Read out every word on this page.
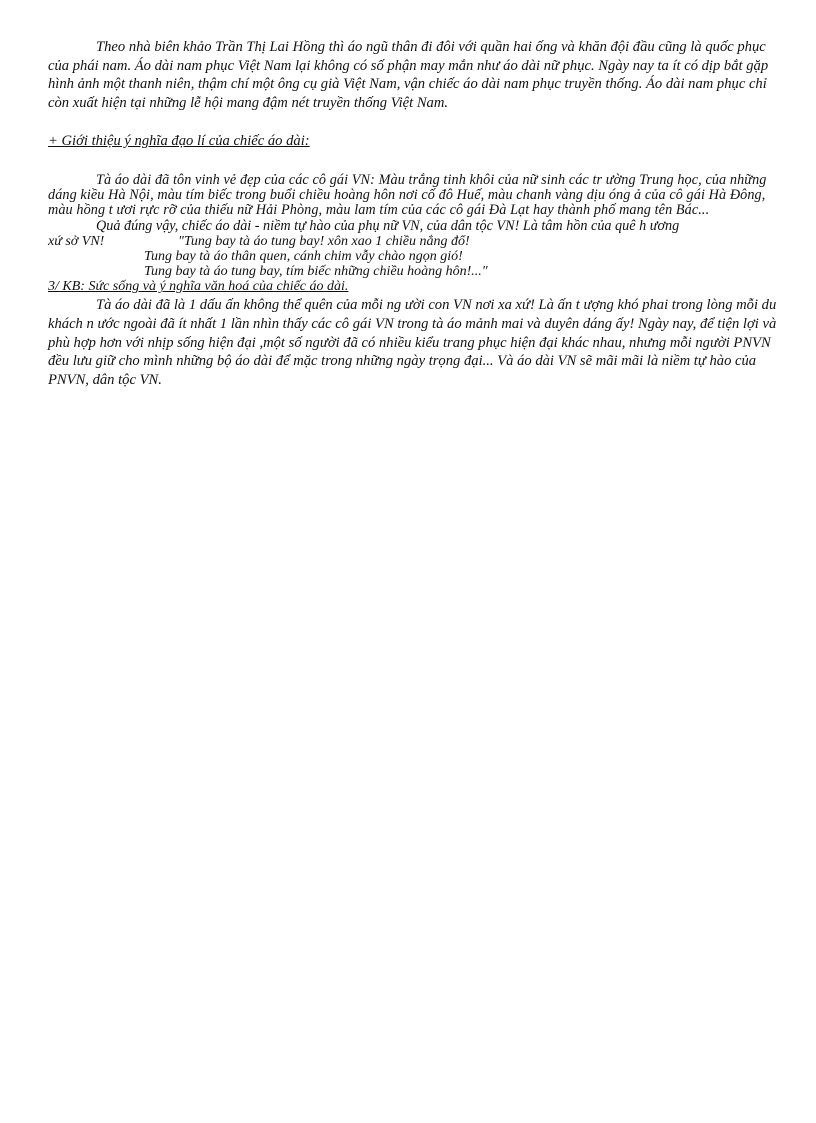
Theo nhà biên khảo Trần Thị Lai Hồng thì áo ngũ thân đi đôi với quần hai ống và khăn đội đầu cũng là quốc phục của phái nam. Áo dài nam phục Việt Nam lại không có số phận may mắn như áo dài nữ phục. Ngày nay ta ít có dịp bắt gặp hình ảnh một thanh niên, thậm chí một ông cụ già Việt Nam, vận chiếc áo dài nam phục truyền thống. Áo dài nam phục chỉ còn xuất hiện tại những lễ hội mang đậm nét truyền thống Việt Nam.

+ Giới thiệu ý nghĩa đạo lí của chiếc áo dài:

Tà áo dài đã tôn vinh vẻ đẹp của các cô gái VN: Màu trắng tinh khôi của nữ sinh các tr ường Trung học, của những dáng kiều Hà Nội, màu tím biếc trong buổi chiều hoàng hôn nơi cố đô Huế, màu chanh vàng dịu óng ả của cô gái Hà Đông, màu hồng t ươi rực rỡ của thiếu nữ Hải Phòng, màu lam tím của các cô gái Đà Lạt hay thành phố mang tên Bác...

Quả đúng vậy, chiếc áo dài - niềm tự hào của phụ nữ VN, của dân tộc VN! Là tâm hồn của quê h ương

xứ sở VN!	"Tung bay tà áo tung bay! xôn xao 1 chiều nắng đổ!
Tung bay tà áo thân quen, cánh chim vẫy chào ngọn gió!
Tung bay tà áo tung bay, tím biếc những chiều hoàng hôn!..."

3/ KB: Sức sống và ý nghĩa văn hoá của chiếc áo dài.

Tà áo dài đã là 1 dấu ấn không thể quên của mỗi ng ười con VN nơi xa xứ! Là ấn t ượng khó phai trong lòng mỗi du khách n ước ngoài đã ít nhất 1 lần nhìn thấy các cô gái VN trong tà áo mảnh mai và duyên dáng ấy! Ngày nay, để tiện lợi và phù hợp hơn với nhịp sống hiện đại ,một số người đã có nhiều kiểu trang phục hiện đại khác nhau, nhưng mỗi người PNVN đều lưu giữ cho mình những bộ áo dài để mặc trong những ngày trọng đại... Và áo dài VN sẽ mãi mãi là niềm tự hào của PNVN, dân tộc VN.
